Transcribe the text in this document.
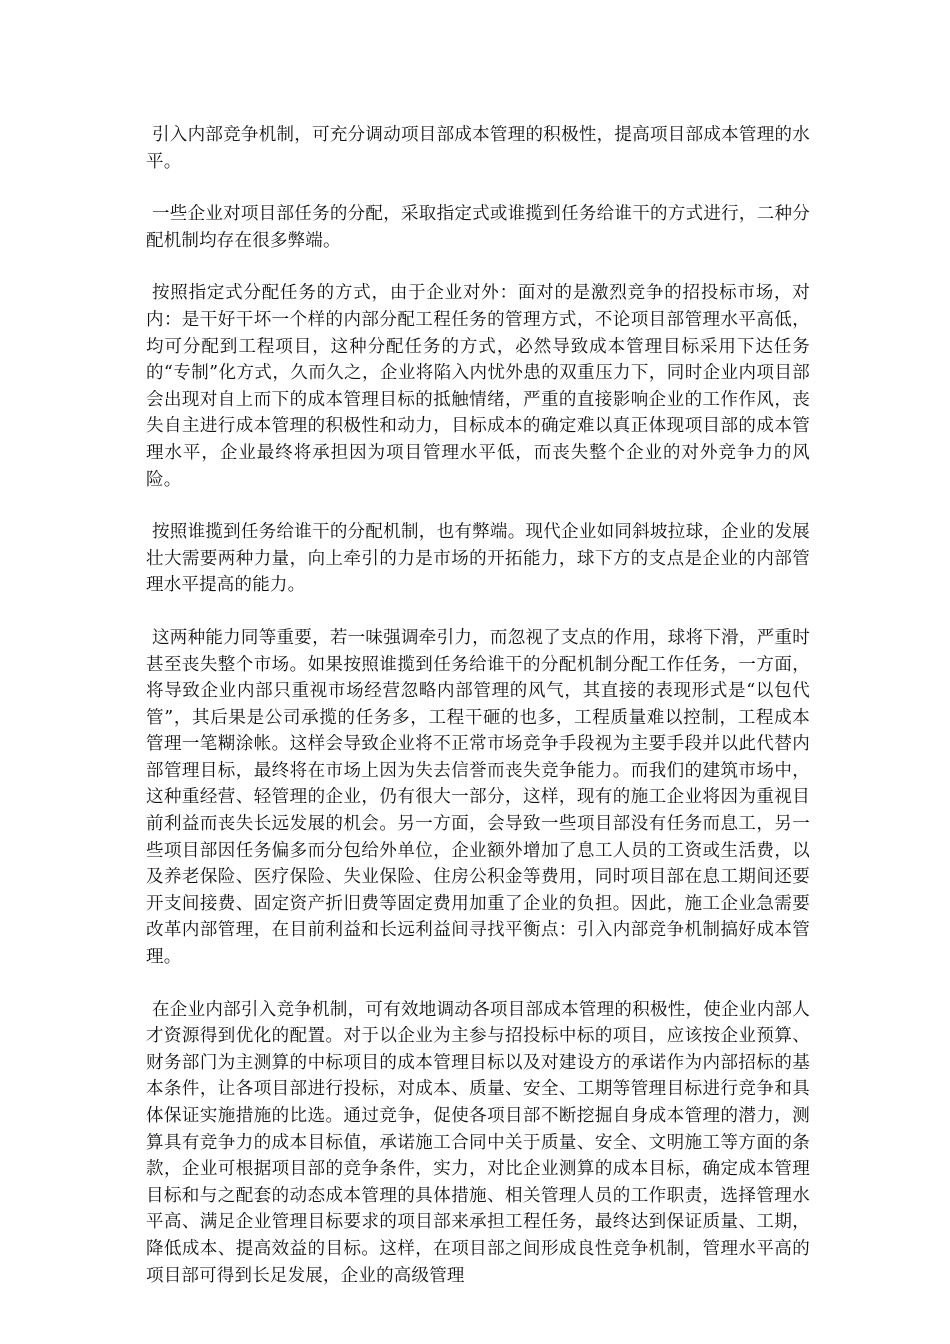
引入内部竞争机制，可充分调动项目部成本管理的积极性，提高项目部成本管理的水平。

一些企业对项目部任务的分配，采取指定式或谁揽到任务给谁干的方式进行，二种分配机制均存在很多弊端。

按照指定式分配任务的方式，由于企业对外：面对的是激烈竞争的招投标市场，对内：是干好干坏一个样的内部分配工程任务的管理方式，不论项目部管理水平高低，均可分配到工程项目，这种分配任务的方式，必然导致成本管理目标采用下达任务的“专制”化方式，久而久之，企业将陷入内忧外患的双重压力下，同时企业内项目部会出现对自上而下的成本管理目标的抵触情绪，严重的直接影响企业的工作作风，丧失自主进行成本管理的积极性和动力，目标成本的确定难以真正体现项目部的成本管理水平，企业最终将承担因为项目管理水平低，而丧失整个企业的对外竞争力的风险。

按照谁揽到任务给谁干的分配机制，也有弊端。现代企业如同斜坡拉球，企业的发展壮大需要两种力量，向上牵引的力是市场的开拓能力，球下方的支点是企业的内部管理水平提高的能力。

这两种能力同等重要，若一味强调牵引力，而忽视了支点的作用，球将下滑，严重时甚至丧失整个市场。如果按照谁揽到任务给谁干的分配机制分配工作任务，一方面，将导致企业内部只重视市场经营忽略内部管理的风气，其直接的表现形式是“以包代管”，其后果是公司承揽的任务多，工程干砸的也多，工程质量难以控制，工程成本管理一笔糊涂帐。这样会导致企业将不正常市场竞争手段视为主要手段并以此代替内部管理目标，最终将在市场上因为失去信誉而丧失竞争能力。而我们的建筑市场中，这种重经营、轻管理的企业，仍有很大一部分，这样，现有的施工企业将因为重视目前利益而丧失长远发展的机会。另一方面，会导致一些项目部没有任务而息工，另一些项目部因任务偏多而分包给外单位，企业额外增加了息工人员的工资或生活费，以及养老保险、医疗保险、失业保险、住房公积金等费用，同时项目部在息工期间还要开支间接费、固定资产折旧费等固定费用加重了企业的负担。因此，施工企业急需要改革内部管理，在目前利益和长远利益间寻找平衡点：引入内部竞争机制搞好成本管理。

在企业内部引入竞争机制，可有效地调动各项目部成本管理的积极性，使企业内部人才资源得到优化的配置。对于以企业为主参与招投标中标的项目，应该按企业预算、财务部门为主测算的中标项目的成本管理目标以及对建设方的承诺作为内部招标的基本条件，让各项目部进行投标，对成本、质量、安全、工期等管理目标进行竞争和具体保证实施措施的比选。通过竞争，促使各项目部不断挖掘自身成本管理的潜力，测算具有竞争力的成本目标值，承诺施工合同中关于质量、安全、文明施工等方面的条款，企业可根据项目部的竞争条件，实力，对比企业测算的成本目标，确定成本管理目标和与之配套的动态成本管理的具体措施、相关管理人员的工作职责，选择管理水平高、满足企业管理目标要求的项目部来承担工程任务，最终达到保证质量、工期，降低成本、提高效益的目标。这样，在项目部之间形成良性竞争机制，管理水平高的项目部可得到长足发展，企业的高级管理
